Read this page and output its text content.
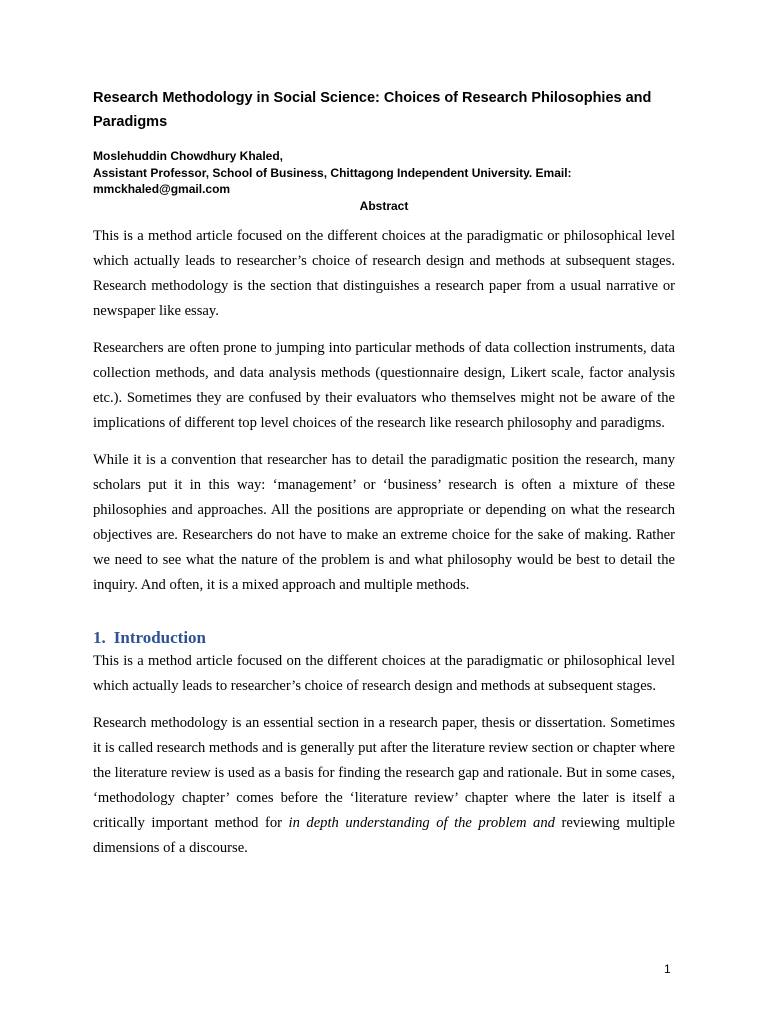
Research Methodology in Social Science: Choices of Research Philosophies and Paradigms
Moslehuddin Chowdhury Khaled,
Assistant Professor, School of Business, Chittagong Independent University. Email:
mmckhaled@gmail.com
Abstract

This is a method article focused on the different choices at the paradigmatic or philosophical level which actually leads to researcher’s choice of research design and methods at subsequent stages. Research methodology is the section that distinguishes a research paper from a usual narrative or newspaper like essay.

Researchers are often prone to jumping into particular methods of data collection instruments, data collection methods, and data analysis methods (questionnaire design, Likert scale, factor analysis etc.). Sometimes they are confused by their evaluators who themselves might not be aware of the implications of different top level choices of the research like research philosophy and paradigms.

While it is a convention that researcher has to detail the paradigmatic position the research, many scholars put it in this way: ‘management’ or ‘business’ research is often a mixture of these philosophies and approaches. All the positions are appropriate or depending on what the research objectives are. Researchers do not have to make an extreme choice for the sake of making. Rather we need to see what the nature of the problem is and what philosophy would be best to detail the inquiry. And often, it is a mixed approach and multiple methods.

1. Introduction

This is a method article focused on the different choices at the paradigmatic or philosophical level which actually leads to researcher’s choice of research design and methods at subsequent stages.

Research methodology is an essential section in a research paper, thesis or dissertation. Sometimes it is called research methods and is generally put after the literature review section or chapter where the literature review is used as a basis for finding the research gap and rationale. But in some cases, ‘methodology chapter’ comes before the ‘literature review’ chapter where the later is itself a critically important method for in depth understanding of the problem and reviewing multiple dimensions of a discourse.

1
